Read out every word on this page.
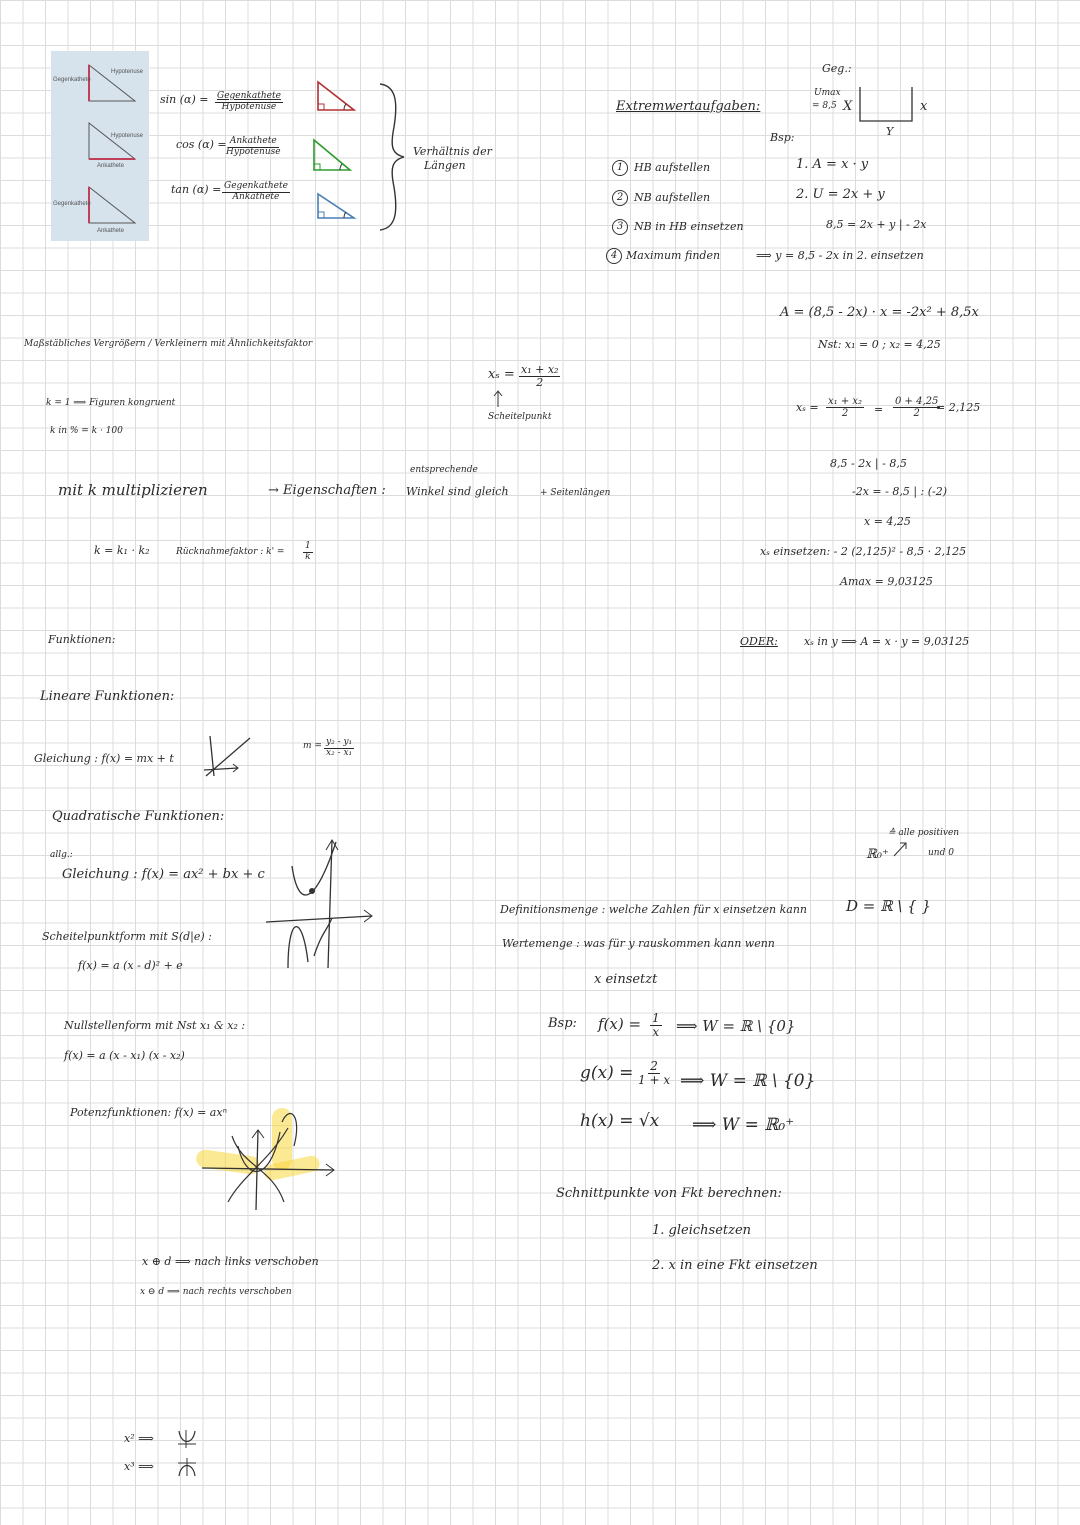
Gegenkathete
Hypotenuse
Hypotenuse
Ankathete
Gegenkathete
Ankathete
sin (α) = Gegenkathete
Hypotenuse
cos (α) = Ankathete
Hypotenuse
tan (α) = Gegenkathete
Ankathete
Verhältnis der
Längen
Extremwertaufgaben:
Geg.:
Umax
= 8,5 X	x
Y
Bsp:
1 HB aufstellen
2 NB aufstellen
3 NB in HB einsetzen
4 Maximum finden
1. A = x · y
2. U = 2x + y
8,5 = 2x + y | - 2x
⟹ y = 8,5 - 2x in 2. einsetzen
A = (8,5 - 2x) · x = -2x² + 8,5x
Nst: x₁ = 0 ; x₂ = 4,25
$x_s = \frac{\text{x₁ + x₂}}{2} = \frac{0 + 4,25}{2}$
= 2,125
8,5 - 2x | - 8,5
-2x = - 8,5 | : (-2)
x = 4,25
xₛ einsetzen: - 2 (2,125)² - 8,5 · 2,125
Amax = 9,03125
ODER: xₛ in y ⟹ A = x · y = 9,03125
Maßstäbliches Vergrößern / Verkleinern mit Ähnlichkeitsfaktor
k = 1 ⟹ Figuren kongruent
k in % = k · 100
mit k multiplizieren	→ Eigenschaften :
entsprechende
Winkel sind gleich	+ Seitenlängen
k = k₁ · k₂	Rücknahmefaktor : $k' = \frac{1}{k}$
$x_s = \frac{\text{x₁ + x₂}}{2}$
Scheitelpunkt
Funktionen:
Lineare Funktionen:
Gleichung : f(x) = mx + t
$m = \frac{\text{y₂ - y₁}}{\text{x₂ - x₁}}$
Quadratische Funktionen:
allg.:
Gleichung : f(x) = ax² + bx + c
Scheitelpunktform mit S(d|e) :
f(x) = a (x - d)² + e
Nullstellenform mit Nst x₁ & x₂ :
f(x) = a (x - x₁) (x - x₂)
Potenzfunktionen: f(x) = axⁿ
x ⊕ d ⟹ nach links verschoben
x ⊖ d ⟹ nach rechts verschoben
x² ⟹
x³ ⟹
ℝ₀⁺
≙ alle positiven
und 0
Definitionsmenge : welche Zahlen für x einsetzen kann	D = ℝ \ { }
Wertemenge : was für y rauskommen kann wenn
x einsetzt
Bsp: $f(x) = \frac{1}{x}$ ⟹ W = ℝ \ {0}
$g(x) = \frac{2}{1 + x}$ ⟹ W = ℝ \ {0}
h(x) = √x ⟹ W = ℝ₀⁺
Schnittpunkte von Fkt berechnen:
1. gleichsetzen
2. x in eine Fkt einsetzen
